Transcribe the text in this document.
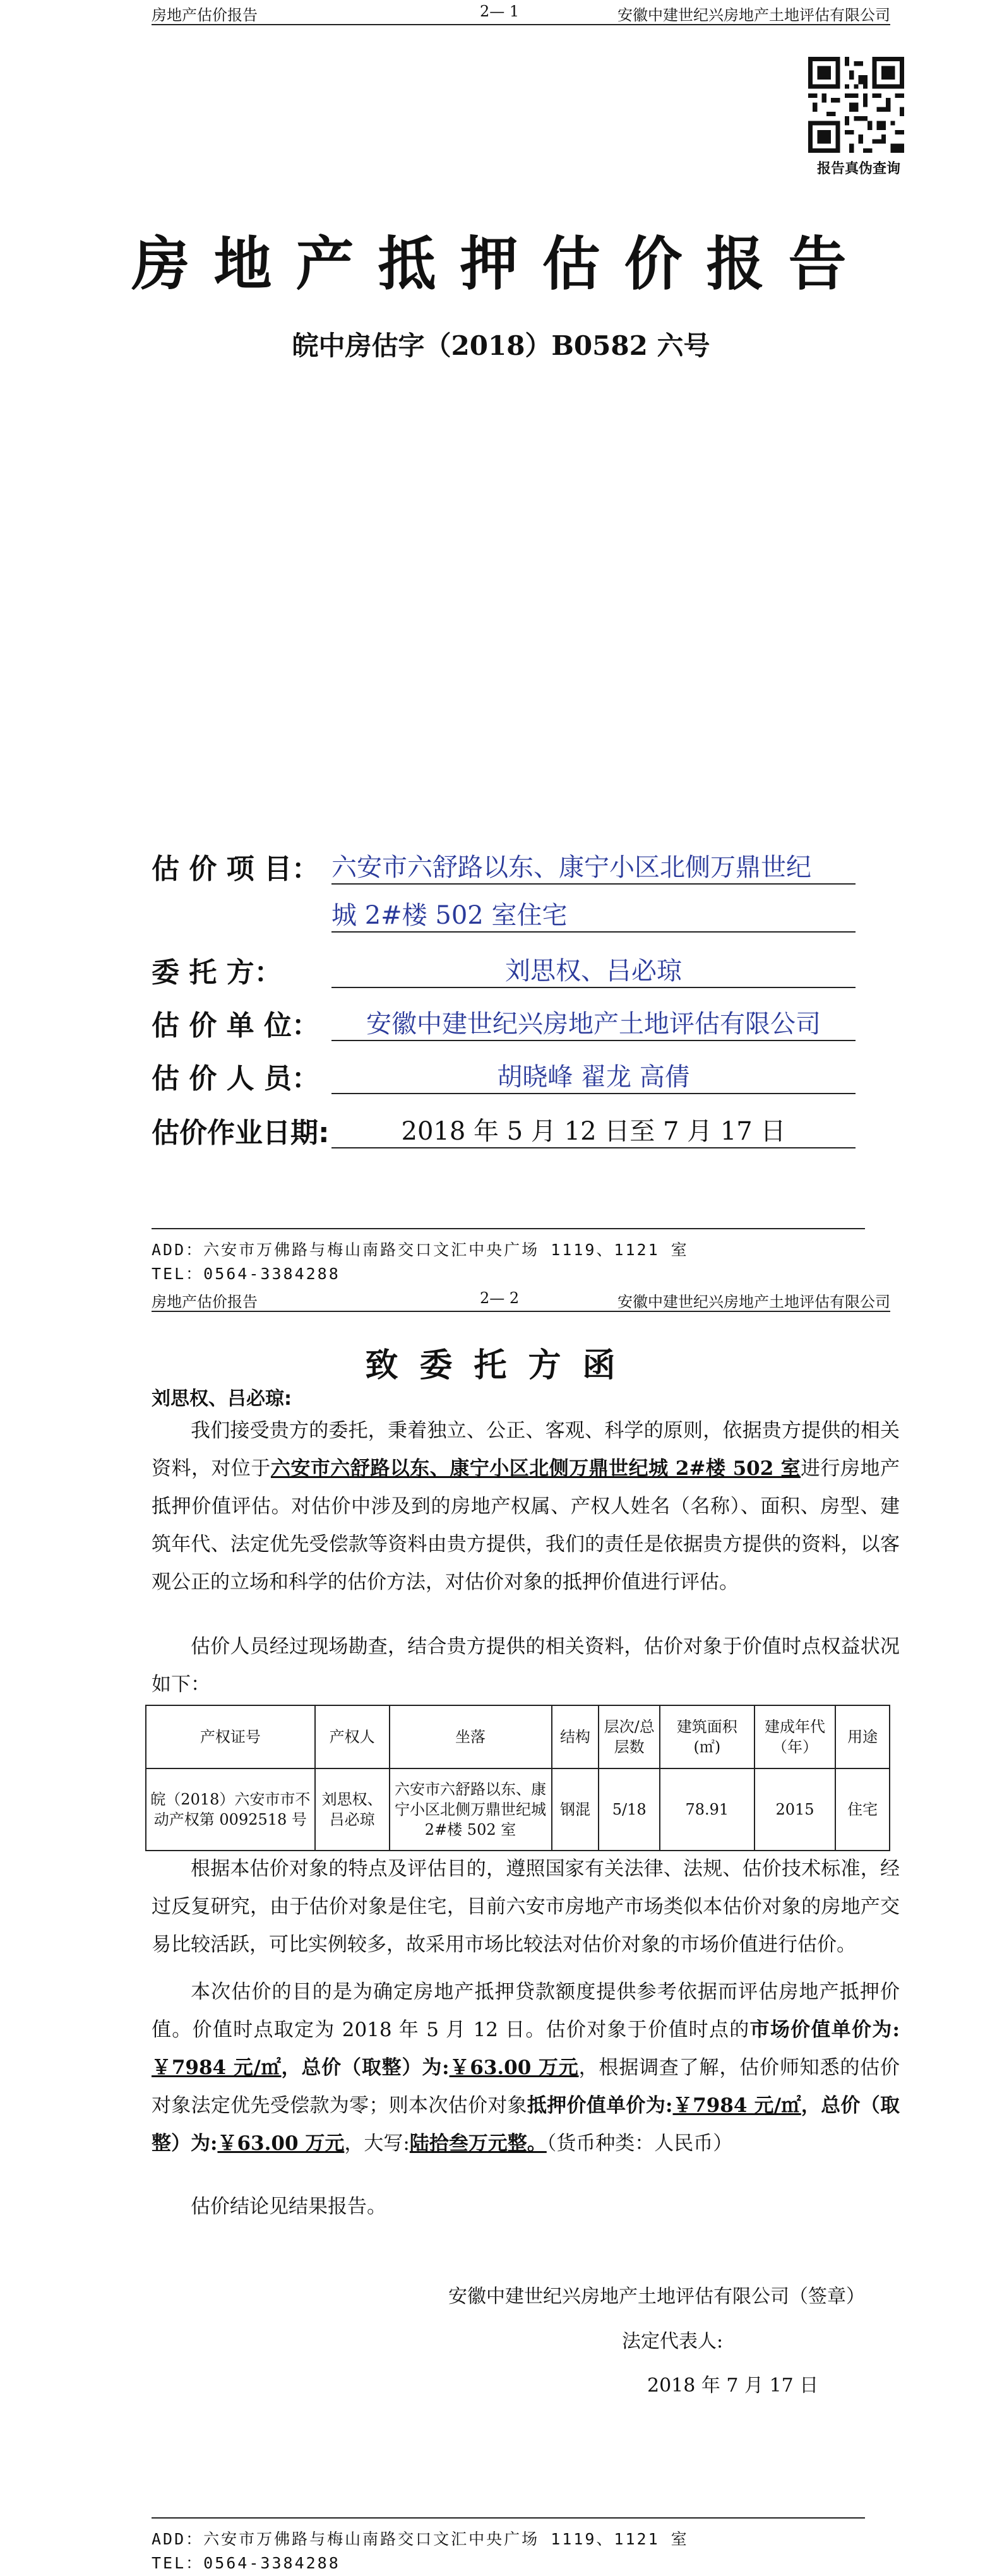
房地产估价报告	2— 1	安徽中建世纪兴房地产土地评估有限公司
报告真伪查询
房地产抵押估价报告
皖中房估字（2018）B0582 六号
估 价 项 目： 六安市六舒路以东、康宁小区北侧万鼎世纪
城 2#楼 502 室住宅
委 托 方：	刘思权、吕必琼
估 价 单 位：	安徽中建世纪兴房地产土地评估有限公司
估 价 人 员：	胡晓峰 翟龙 高倩
估价作业日期:	2018 年 5 月 12 日至 7 月 17 日
ADD：六安市万佛路与梅山南路交口文汇中央广场 1119、1121 室
TEL：0564-3384288
房地产估价报告	2— 2	安徽中建世纪兴房地产土地评估有限公司
致委托方函
刘思权、吕必琼:
我们接受贵方的委托，秉着独立、公正、客观、科学的原则，依据贵方提供的相关资料，对位于六安市六舒路以东、康宁小区北侧万鼎世纪城 2#楼 502 室进行房地产抵押价值评估。对估价中涉及到的房地产权属、产权人姓名（名称）、面积、房型、建筑年代、法定优先受偿款等资料由贵方提供，我们的责任是依据贵方提供的资料，以客观公正的立场和科学的估价方法，对估价对象的抵押价值进行评估。
估价人员经过现场勘查，结合贵方提供的相关资料，估价对象于价值时点权益状况如下：
产权证号	产权人	坐落	结构	层次/总层数	建筑面积(㎡)	建成年代（年）	用途
皖（2018）六安市市不动产权第 0092518 号	刘思权、吕必琼	六安市六舒路以东、康宁小区北侧万鼎世纪城 2#楼 502 室	钢混	5/18	78.91	2015	住宅
根据本估价对象的特点及评估目的，遵照国家有关法律、法规、估价技术标准，经过反复研究，由于估价对象是住宅，目前六安市房地产市场类似本估价对象的房地产交易比较活跃，可比实例较多，故采用市场比较法对估价对象的市场价值进行估价。
本次估价的目的是为确定房地产抵押贷款额度提供参考依据而评估房地产抵押价值。价值时点取定为 2018 年 5 月 12 日。估价对象于价值时点的市场价值单价为:￥7984 元/㎡，总价（取整）为:￥63.00 万元，根据调查了解，估价师知悉的估价对象法定优先受偿款为零；则本次估价对象抵押价值单价为:￥7984 元/㎡，总价（取整）为:￥63.00 万元，大写:陆拾叁万元整。（货币种类：人民币）
估价结论见结果报告。
安徽中建世纪兴房地产土地评估有限公司（签章）
法定代表人:
2018 年 7 月 17 日
ADD：六安市万佛路与梅山南路交口文汇中央广场 1119、1121 室
TEL：0564-3384288
